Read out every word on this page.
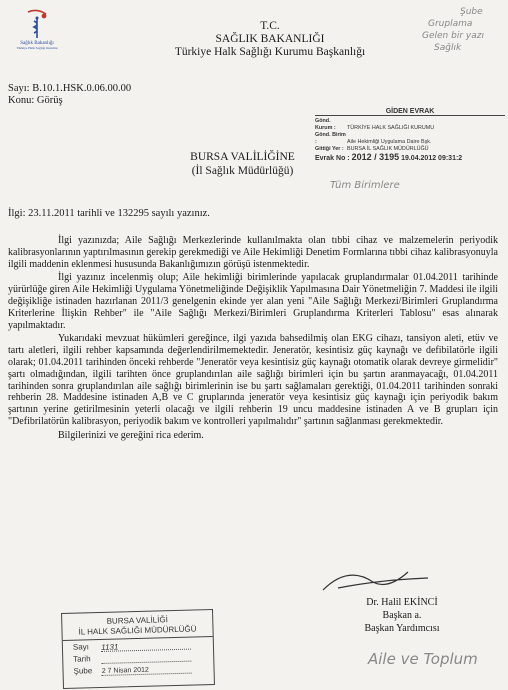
Sağlık Bakanlığı
Türkiye Halk Sağlığı Kurumu
T.C.
SAĞLIK BAKANLIĞI
Türkiye Halk Sağlığı Kurumu Başkanlığı
Şube
Gruplama
Gelen bir yazı
Sağlık
Sayı: B.10.1.HSK.0.06.00.00
Konu: Görüş
GİDEN EVRAK
Gönd. Kurum : TÜRKİYE HALK SAĞLIĞI KURUMU
Gönd. Birim :	Aile Hekimliği Uygulama Daire Bşk.
Gittiği Yer : BURSA İL SAĞLIK MÜDÜRLÜĞÜ
Evrak No : 2012 / 3195 19.04.2012 09:31:2
BURSA VALİLİĞİNE
(İl Sağlık Müdürlüğü)
Tüm Birimlere
İlgi: 23.11.2011 tarihli ve 132295 sayılı yazınız.

İlgi yazınızda; Aile Sağlığı Merkezlerinde kullanılmakta olan tıbbi cihaz ve malzemelerin periyodik kalibrasyonlarının yaptırılmasının gerekip gerekmediği ve Aile Hekimliği Denetim Formlarına tıbbi cihaz kalibrasyonuyla ilgili maddenin eklenmesi hususunda Bakanlığımızın görüşü istenmektedir.

İlgi yazınız incelenmiş olup; Aile hekimliği birimlerinde yapılacak gruplandırmalar 01.04.2011 tarihinde yürürlüğe giren Aile Hekimliği Uygulama Yönetmeliğinde Değişiklik Yapılmasına Dair Yönetmeliğin 7. Maddesi ile ilgili değişikliğe istinaden hazırlanan 2011/3 genelgenin ekinde yer alan yeni "Aile Sağlığı Merkezi/Birimleri Gruplandırma Kriterlerine İlişkin Rehber" ile "Aile Sağlığı Merkezi/Birimleri Gruplandırma Kriterleri Tablosu" esas alınarak yapılmaktadır.

Yukarıdaki mevzuat hükümleri gereğince, ilgi yazıda bahsedilmiş olan EKG cihazı, tansiyon aleti, etüv ve tartı aletleri, ilgili rehber kapsamında değerlendirilmemektedir. Jeneratör, kesintisiz güç kaynağı ve defibilatörle ilgili olarak; 01.04.2011 tarihinden önceki rehberde "Jeneratör veya kesintisiz güç kaynağı otomatik olarak devreye girmelidir" şartı olmadığından, ilgili tarihten önce gruplandırılan aile sağlığı birimleri için bu şartın aranmayacağı, 01.04.2011 tarihinden sonra gruplandırılan aile sağlığı birimlerinin ise bu şartı sağlamaları gerektiği, 01.04.2011 tarihinden sonraki rehberin 28. Maddesine istinaden A,B ve C gruplarında jeneratör veya kesintisiz güç kaynağı için periyodik bakım şartının yerine getirilmesinin yeterli olacağı ve ilgili rehberin 19 uncu maddesine istinaden A ve B grupları için "Defibrilatörün kalibrasyon, periyodik bakım ve kontrolleri yapılmalıdır" şartının sağlanması gerekmektedir.

Bilgilerinizi ve gereğini rica ederim.

Dr. Halil EKİNCİ
Başkan a.
Başkan Yardımcısı
BURSA VALİLİĞİ
İL HALK SAĞLIĞI MÜDÜRLÜĞÜ
Sayı 1131
Tarih
Şube 2 7 Nisan 2012
Aile ve Toplum
